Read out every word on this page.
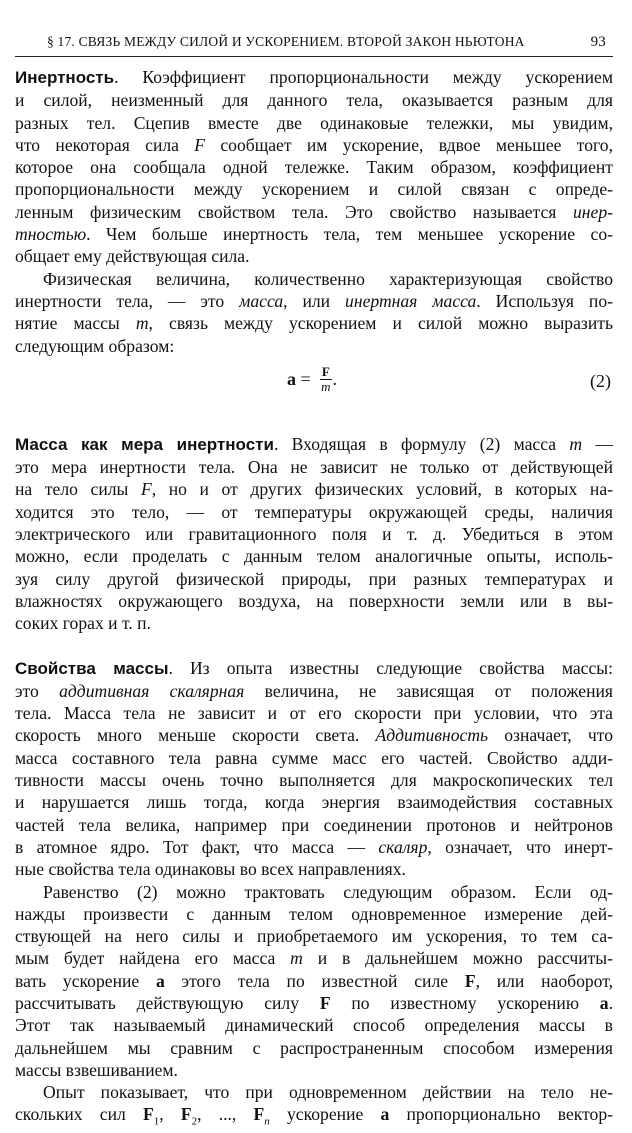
§ 17. СВЯЗЬ МЕЖДУ СИЛОЙ И УСКОРЕНИЕМ. ВТОРОЙ ЗАКОН НЬЮТОНА	93

Инертность. Коэффициент пропорциональности между ускорением

и силой, неизменный для данного тела, оказывается разным для

разных тел. Сцепив вместе две одинаковые тележки, мы увидим,

что некоторая сила F сообщает им ускорение, вдвое меньшее того,

которое она сообщала одной тележке. Таким образом, коэффициент

пропорциональности между ускорением и силой связан с опреде-

ленным физическим свойством тела. Это свойство называется инер-

тностью. Чем больше инертность тела, тем меньшее ускорение со-

общает ему действующая сила.

Физическая величина, количественно характеризующая свойство

инертности тела, — это масса, или инертная масса. Используя по-

нятие массы m, связь между ускорением и силой можно выразить

следующим образом:

$a = \frac{F}{m}$ .	(2)

Масса как мера инертности. Входящая в формулу (2) масса m —

это мера инертности тела. Она не зависит не только от действующей

на тело силы F, но и от других физических условий, в которых на-

ходится это тело, — от температуры окружающей среды, наличия

электрического или гравитационного поля и т. д. Убедиться в этом

можно, если проделать с данным телом аналогичные опыты, исполь-

зуя силу другой физической природы, при разных температурах и

влажностях окружающего воздуха, на поверхности земли или в вы-

соких горах и т. п.

Свойства массы. Из опыта известны следующие свойства массы:

это аддитивная скалярная величина, не зависящая от положения

тела. Масса тела не зависит и от его скорости при условии, что эта

скорость много меньше скорости света. Аддитивность означает, что

масса составного тела равна сумме масс его частей. Свойство адди-

тивности массы очень точно выполняется для макроскопических тел

и нарушается лишь тогда, когда энергия взаимодействия составных

частей тела велика, например при соединении протонов и нейтронов

в атомное ядро. Тот факт, что масса — скаляр, означает, что инерт-

ные свойства тела одинаковы во всех направлениях.

Равенство (2) можно трактовать следующим образом. Если од-

нажды произвести с данным телом одновременное измерение дей-

ствующей на него силы и приобретаемого им ускорения, то тем са-

мым будет найдена его масса m и в дальнейшем можно рассчиты-

вать ускорение a этого тела по известной силе F, или наоборот,

рассчитывать действующую силу F по известному ускорению a.

Этот так называемый динамический способ определения массы в

дальнейшем мы сравним с распространенным способом измерения

массы взвешиванием.

Опыт показывает, что при одновременном действии на тело не-

скольких сил $F_1$, $F_2$, ..., $F_n$ ускорение a пропорционально вектор-
